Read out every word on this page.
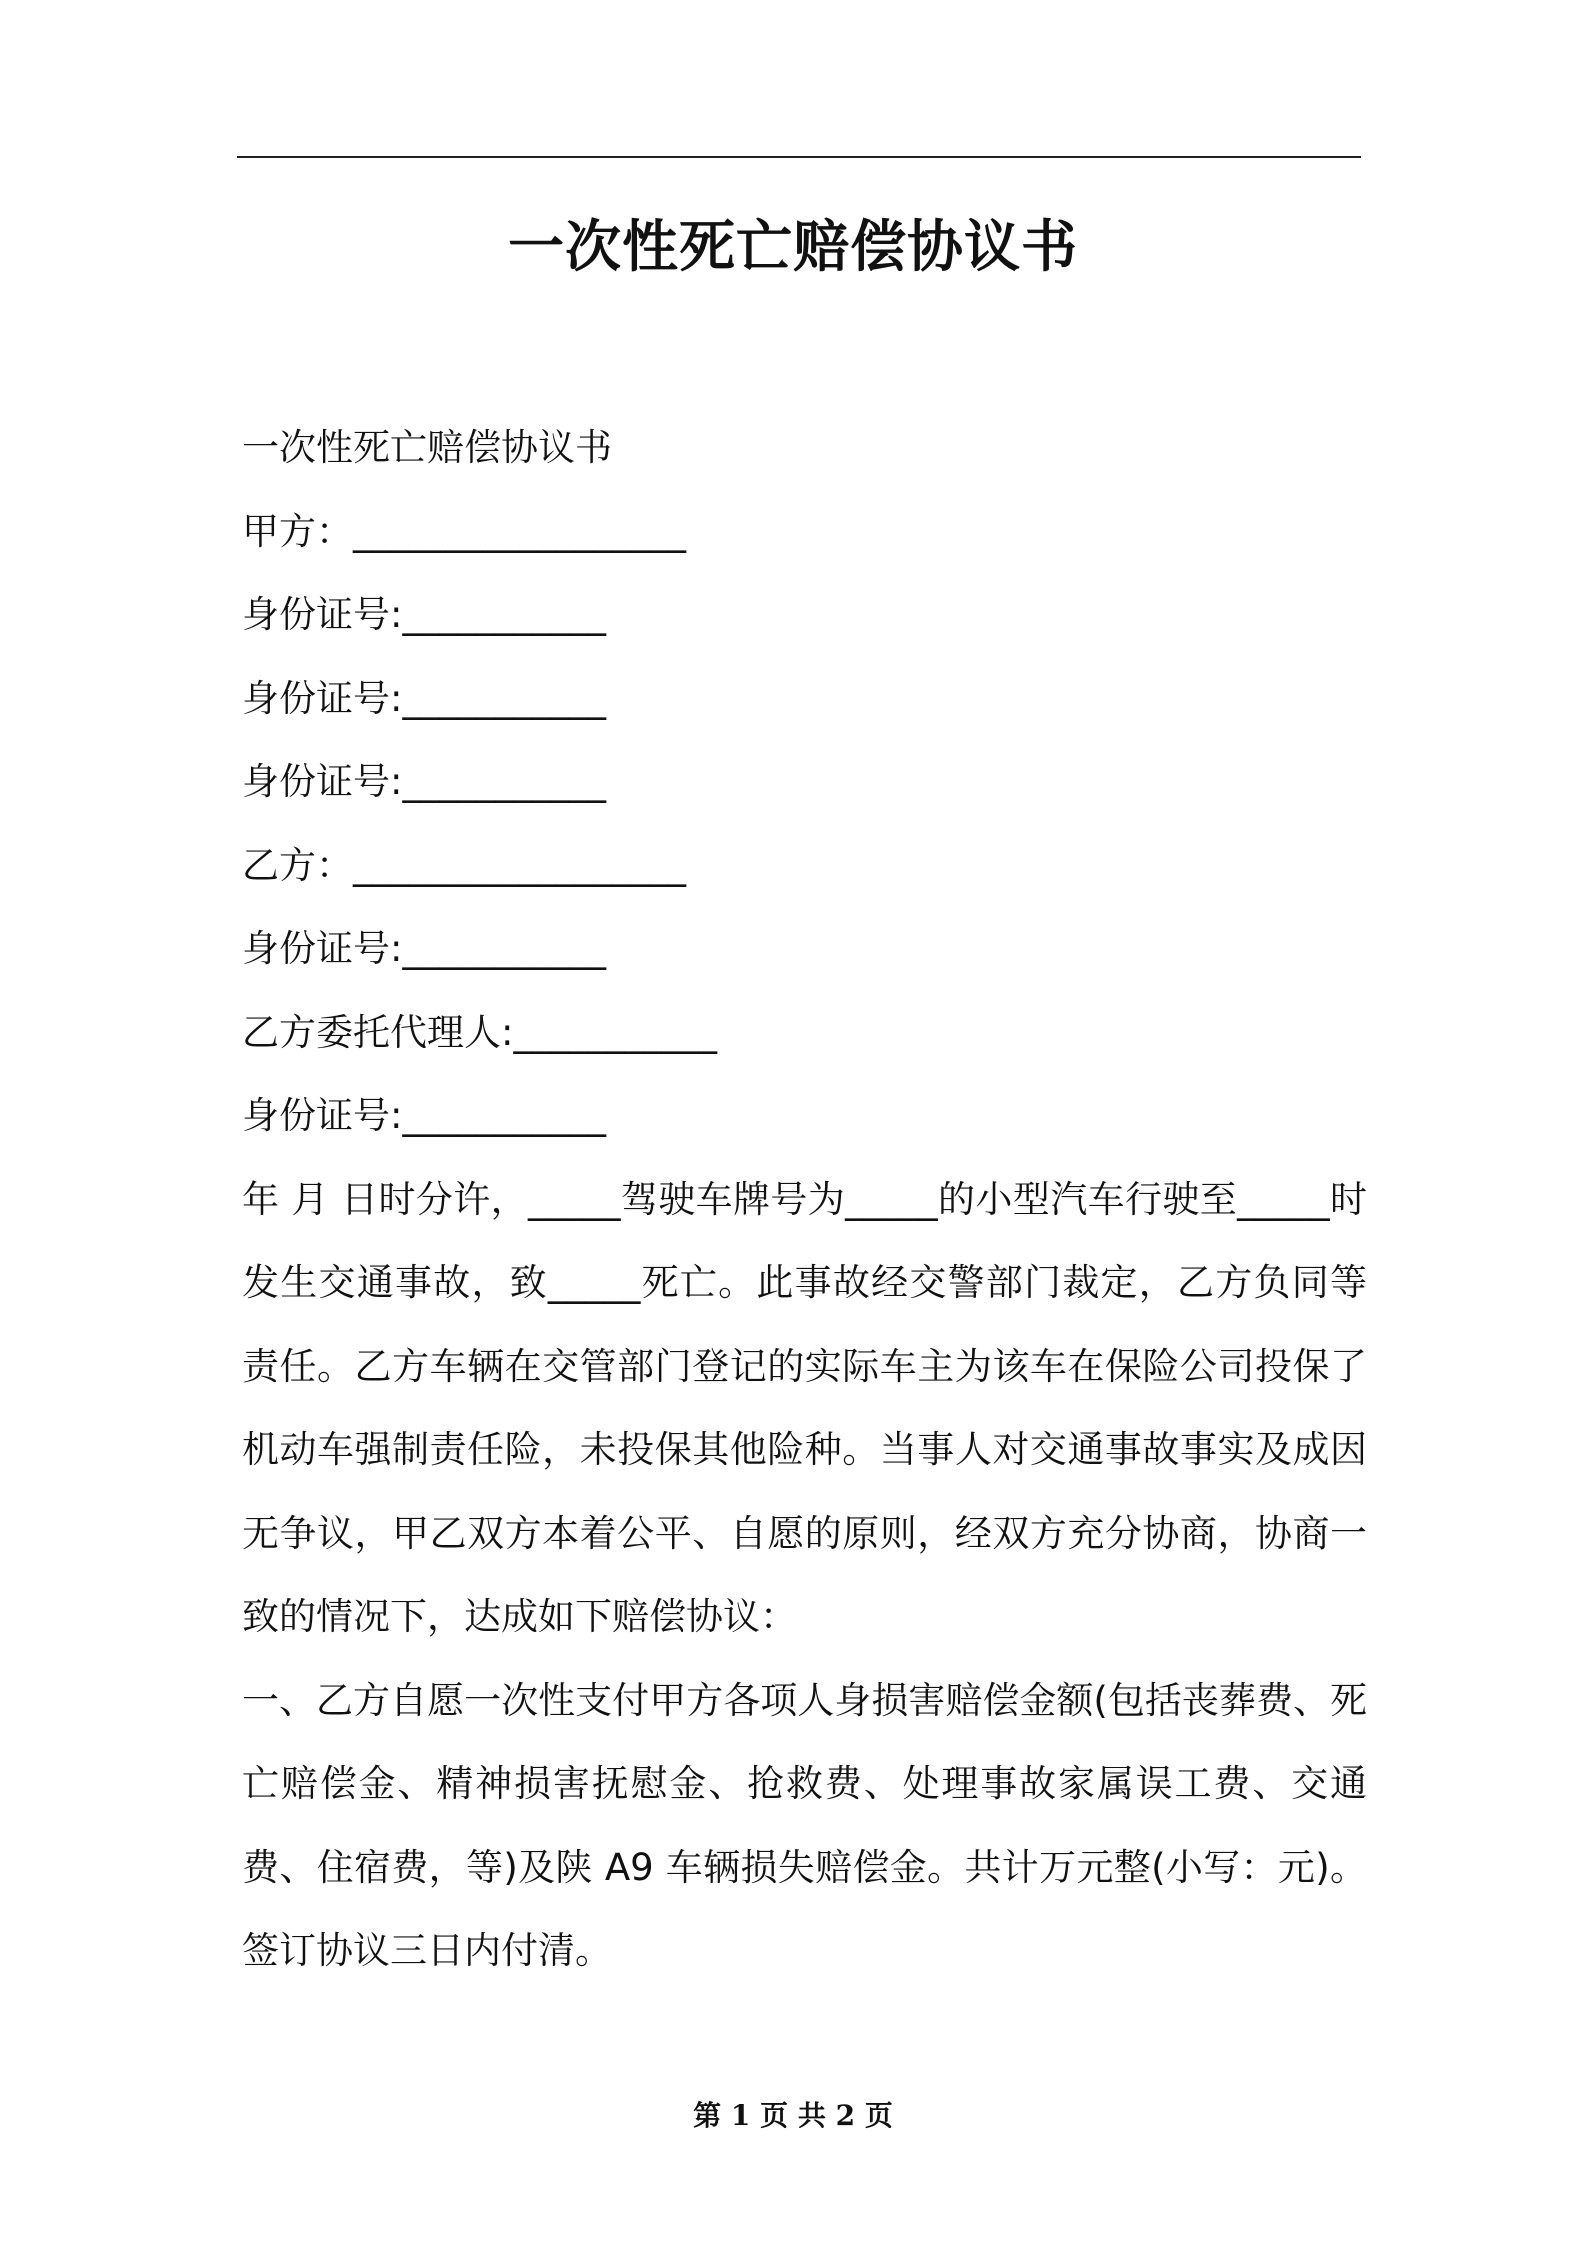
一次性死亡赔偿协议书
一次性死亡赔偿协议书
甲方：__________________
身份证号:___________
身份证号:___________
身份证号:___________
乙方：__________________
身份证号:___________
乙方委托代理人:___________
身份证号:___________
年 月 日时分许，_____驾驶车牌号为_____的小型汽车行驶至_____时发生交通事故，致_____死亡。此事故经交警部门裁定，乙方负同等责任。乙方车辆在交管部门登记的实际车主为该车在保险公司投保了机动车强制责任险，未投保其他险种。当事人对交通事故事实及成因无争议，甲乙双方本着公平、自愿的原则，经双方充分协商，协商一致的情况下，达成如下赔偿协议：
一、乙方自愿一次性支付甲方各项人身损害赔偿金额(包括丧葬费、死亡赔偿金、精神损害抚慰金、抢救费、处理事故家属误工费、交通费、住宿费，等)及陕 A9 车辆损失赔偿金。共计万元整(小写：元)。签订协议三日内付清。
第 1 页 共 2 页
